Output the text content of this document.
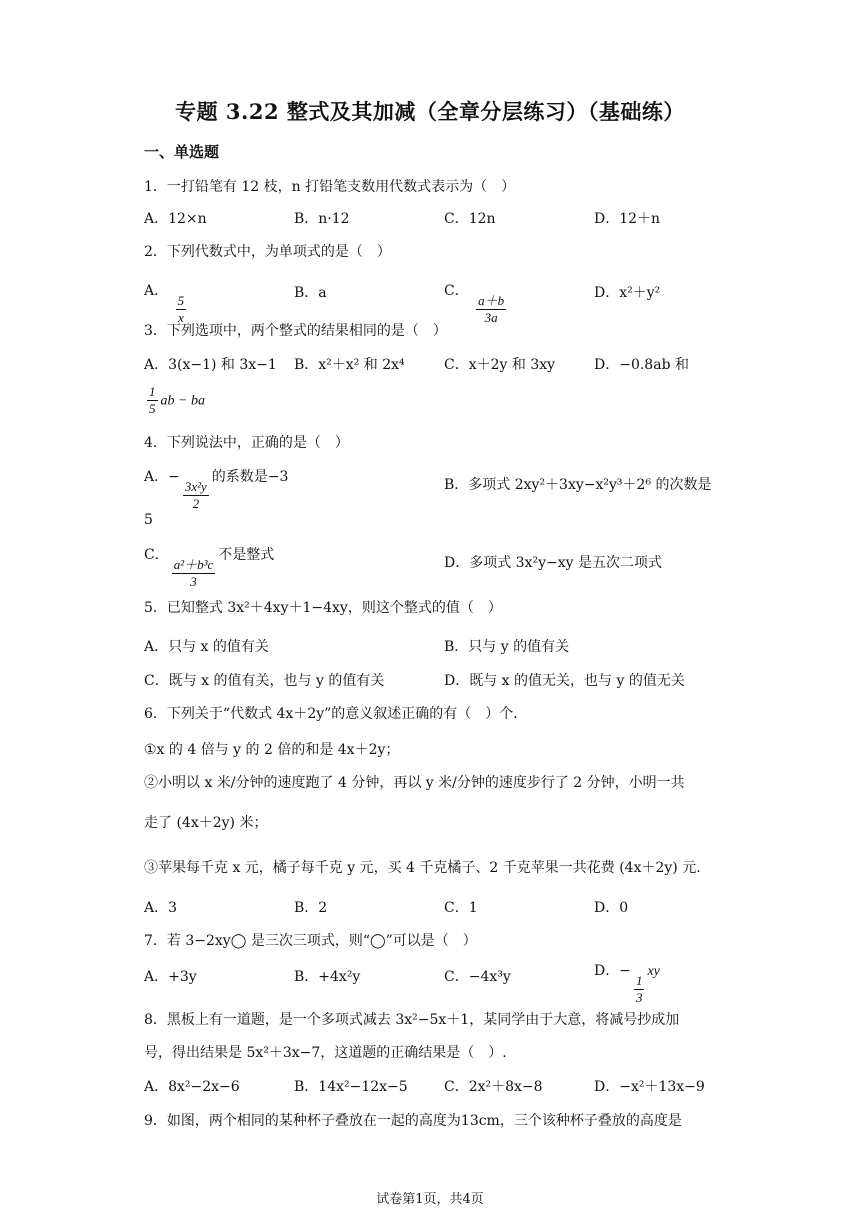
专题 3.22 整式及其加减（全章分层练习）（基础练）
一、单选题
1．一打铅笔有 12 枝，n 打铅笔支数用代数式表示为（　）
A．12×n	B．n·12	C．12n	D．12＋n
2．下列代数式中，为单项式的是（　）
A．
$\frac{5}{x}$	B．a	C．
$\frac{a+b}{3a}$	D．x²＋y²
3．下列选项中，两个整式的结果相同的是（　）
A．3(x−1) 和 3x−1 B．x²＋x² 和 2x⁴	C．x＋2y 和 3xy	D．−0.8ab 和
$\frac{1}{5}$ ab − ba
4．下列说法中，正确的是（　）
A．−
$\frac{\text{3x²y}}{2}$
的系数是−3	B．多项式 2xy²＋3xy−x²y³＋2⁶ 的次数是
5
C．
$\frac{\text{a²＋b³c}}{3}$
不是整式	D．多项式 3x²y−xy 是五次二项式
5．已知整式 3x²＋4xy＋1−4xy，则这个整式的值（　）
A．只与 x 的值有关	B．只与 y 的值有关
C．既与 x 的值有关，也与 y 的值有关	D．既与 x 的值无关，也与 y 的值无关
6．下列关于“代数式 4x＋2y”的意义叙述正确的有（　）个．
①x 的 4 倍与 y 的 2 倍的和是 4x＋2y；
②小明以 x 米/分钟的速度跑了 4 分钟，再以 y 米/分钟的速度步行了 2 分钟，小明一共
走了 (4x＋2y) 米；
③苹果每千克 x 元，橘子每千克 y 元，买 4 千克橘子、2 千克苹果一共花费 (4x＋2y) 元.
A．3	B．2	C．1	D．0
7．若 3−2xy◯ 是三次三项式，则“◯”可以是（　）
A．+3y	B．+4x²y	C．−4x³y	D．−
$\frac{1}{3}$
xy
8．黑板上有一道题，是一个多项式减去 3x²−5x＋1，某同学由于大意，将减号抄成加
号，得出结果是 5x²＋3x−7，这道题的正确结果是（　）.
A．8x²−2x−6	B．14x²−12x−5	C．2x²＋8x−8	D．−x²＋13x−9
9．如图，两个相同的某种杯子叠放在一起的高度为13cm，三个该种杯子叠放的高度是
试卷第1页，共4页
